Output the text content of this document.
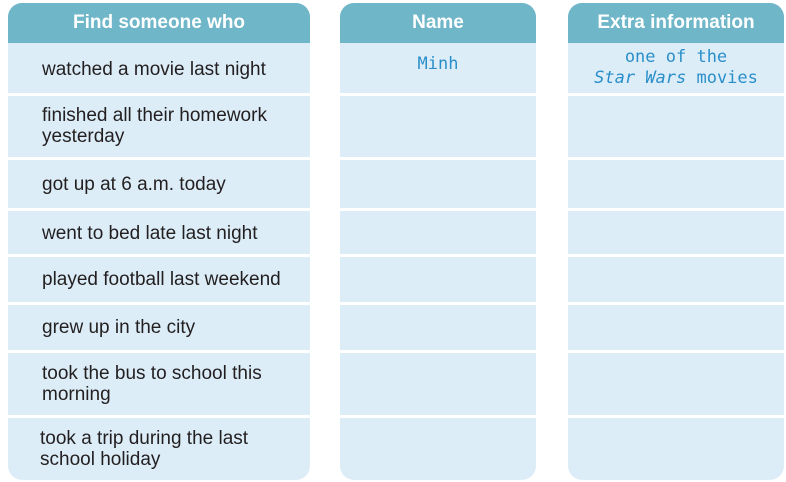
Find someone who
watched a movie last night
finished all their homework yesterday
got up at 6 a.m. today
went to bed late last night
played football last weekend
grew up in the city
took the bus to school this morning
took a trip during the last school holiday
Name
Minh
Extra information
one of the
Star Wars movies
